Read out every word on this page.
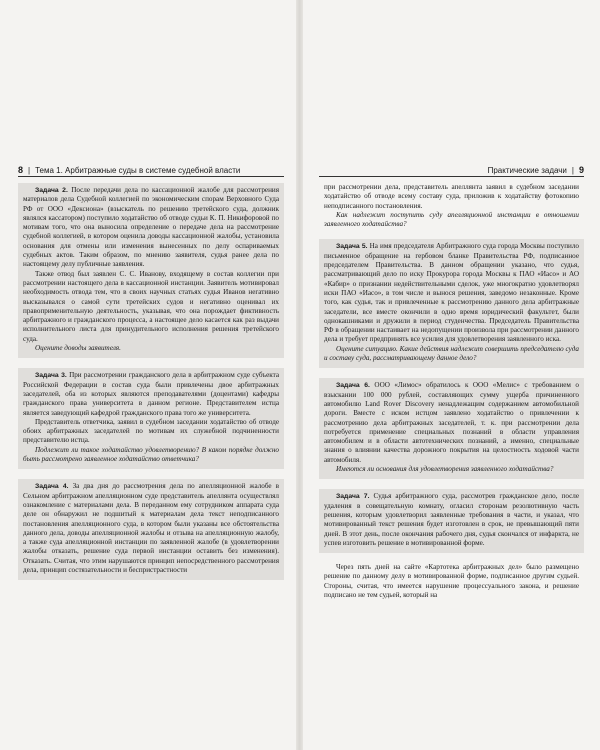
8 | Тема 1. Арбитражные суды в системе судебной власти

Задача 2. После передачи дела по кассационной жалобе для рассмотрения материалов дела Судебной коллегией по экономическим спорам Верховного Суда РФ от ООО «Дексиона» (взыскатель по решению третейского суда, должник являлся кассатором) поступило ходатайство об отводе судьи К. П. Никифоровой по мотивам того, что она выносила определение о передаче дела на рассмотрение судебной коллегией, в котором оценила доводы кассационной жалобы, установила основания для отмены или изменения вынесенных по делу оспариваемых судебных актов. Таким образом, по мнению заявителя, судья ранее дела по настоящему делу публичные заявления.

Также отвод был заявлен С. С. Иванову, входящему в состав коллегии при рассмотрении настоящего дела в кассационной инстанции. Заявитель мотивировал необходимость отвода тем, что в своих научных статьях судья Иванов негативно высказывался о самой сути третейских судов и негативно оценивал их правоприменительную деятельность, указывая, что она порождает фиктивность арбитражного и гражданского процесса, а настоящее дело касается как раз выдачи исполнительного листа для принудительного исполнения решения третейского суда.

Оцените доводы заявителя.

Задача 3. При рассмотрении гражданского дела в арбитражном суде субъекта Российской Федерации в состав суда были привлечены двое арбитражных заседателей, оба из которых являются преподавателями (доцентами) кафедры гражданского права университета в данном регионе. Представителем истца является заведующий кафедрой гражданского права того же университета.

Представитель ответчика, заявил в судебном заседании ходатайство об отводе обоих арбитражных заседателей по мотивам их служебной подчиненности представителю истца.

Подлежит ли такое ходатайство удовлетворению? В каком порядке должно быть рассмотрено заявленное ходатайство ответчика?

Задача 4. За два дня до рассмотрения дела по апелляционной жалобе в Сельном арбитражном апелляционном суде представитель апеллянта осуществлял ознакомление с материалами дела. В переданном ему сотрудником аппарата суда деле он обнаружил не подшитый к материалам дела текст неподписанного постановления апелляционного суда, в котором были указаны все обстоятельства данного дела, доводы апелляционной жалобы и отзыва на апелляционную жалобу, а также суда апелляционной инстанции по заявленной жалобе (в удовлетворении жалобы отказать, решение суда первой инстанции оставить без изменения). Отказать. Считая, что этим нарушаются принцип непосредственного рассмотрения дела, принцип состязательности и беспристрастности

Практические задачи | 9

при рассмотрении дела, представитель апеллянта заявил в судебном заседании ходатайство об отводе всему составу суда, приложив к ходатайству фотокопию неподписанного постановления.

Как надлежит поступить суду апелляционной инстанции в отношении заявленного ходатайства?

Задача 5. На имя председателя Арбитражного суда города Москвы поступило письменное обращение на гербовом бланке Правительства РФ, подписанное председателем Правительства. В данном обращении указано, что судья, рассматривающий дело по иску Прокурора города Москвы к ПАО «Иасо» и АО «Кабир» о признании недействительными сделок, уже многократно удовлетворял иски ПАО «Иасо», в том числе и вынося решения, заведомо незаконные. Кроме того, как судья, так и привлеченные к рассмотрению данного дела арбитражные заседатели, все вместе окончили в одно время юридический факультет, были однокашниками и дружили в период студенчества. Председатель Правительства РФ в обращении настаивает на недопущении произвола при рассмотрении данного дела и требует предпринять все усилия для удовлетворения заявленного иска.

Оцените ситуацию. Какие действия надлежит совершить председателю суда и составу суда, рассматривающему данное дело?

Задача 6. ООО «Лимос» обратилось к ООО «Мелис» с требованием о взыскании 100 000 рублей, составляющих сумму ущерба причиненного автомобилю Land Rover Discovery ненадлежащим содержанием автомобильной дороги. Вместе с иском истцом заявлено ходатайство о привлечении к рассмотрению дела арбитражных заседателей, т. к. при рассмотрении дела потребуется применение специальных познаний в области управления автомобилем и в области автотехнических познаний, а именно, специальные знания о влиянии качества дорожного покрытия на целостность ходовой части автомобиля.

Имеются ли основания для удовлетворения заявленного ходатайства?

Задача 7. Судья арбитражного суда, рассмотрев гражданское дело, после удаления в совещательную комнату, огласил сторонам резолютивную часть решения, которым удовлетворил заявленные требования в части, и указал, что мотивированный текст решения будет изготовлен в срок, не превышающий пяти дней. В этот день, после окончания рабочего дня, судья скончался от инфаркта, не успев изготовить решение в мотивированной форме.

Через пять дней на сайте «Картотека арбитражных дел» было размещено решение по данному делу в мотивированной форме, подписанное другим судьей. Стороны, считая, что имеется нарушение процессуального закона, и решение подписано не тем судьей, который на
